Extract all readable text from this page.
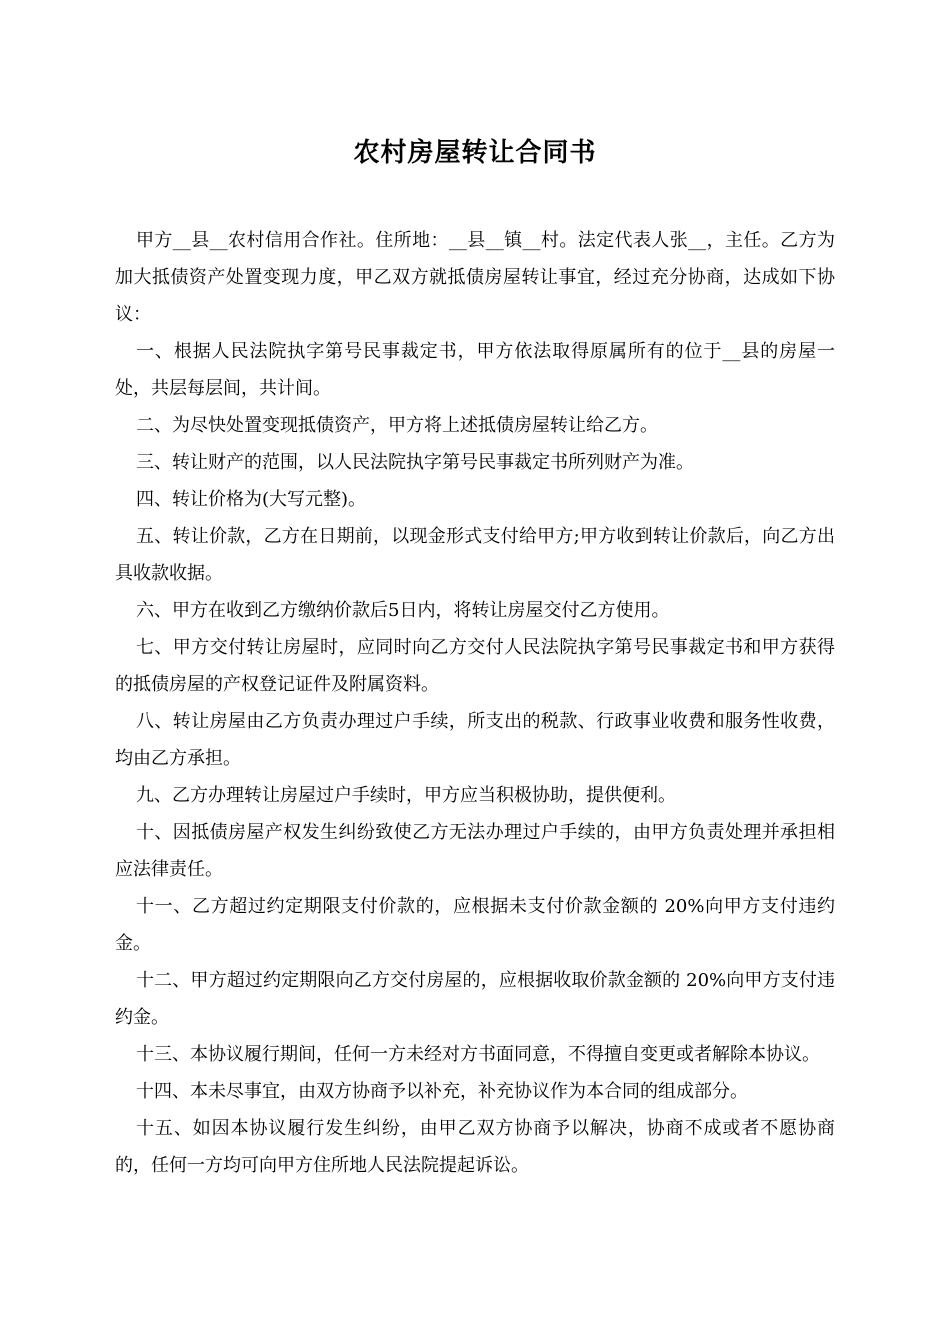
农村房屋转让合同书

甲方__县__农村信用合作社。住所地：__县__镇__村。法定代表人张__，主任。乙方为加大抵债资产处置变现力度，甲乙双方就抵债房屋转让事宜，经过充分协商，达成如下协议：

一、根据人民法院执字第号民事裁定书，甲方依法取得原属所有的位于__县的房屋一处，共层每层间，共计间。

二、为尽快处置变现抵债资产，甲方将上述抵债房屋转让给乙方。

三、转让财产的范围，以人民法院执字第号民事裁定书所列财产为准。

四、转让价格为(大写元整)。

五、转让价款，乙方在日期前，以现金形式支付给甲方;甲方收到转让价款后，向乙方出具收款收据。

六、甲方在收到乙方缴纳价款后5日内，将转让房屋交付乙方使用。

七、甲方交付转让房屋时，应同时向乙方交付人民法院执字第号民事裁定书和甲方获得的抵债房屋的产权登记证件及附属资料。

八、转让房屋由乙方负责办理过户手续，所支出的税款、行政事业收费和服务性收费，均由乙方承担。

九、乙方办理转让房屋过户手续时，甲方应当积极协助，提供便利。

十、因抵债房屋产权发生纠纷致使乙方无法办理过户手续的，由甲方负责处理并承担相应法律责任。

十一、乙方超过约定期限支付价款的，应根据未支付价款金额的 20%向甲方支付违约金。

十二、甲方超过约定期限向乙方交付房屋的，应根据收取价款金额的 20%向甲方支付违约金。

十三、本协议履行期间，任何一方未经对方书面同意，不得擅自变更或者解除本协议。

十四、本未尽事宜，由双方协商予以补充，补充协议作为本合同的组成部分。

十五、如因本协议履行发生纠纷，由甲乙双方协商予以解决，协商不成或者不愿协商的，任何一方均可向甲方住所地人民法院提起诉讼。
